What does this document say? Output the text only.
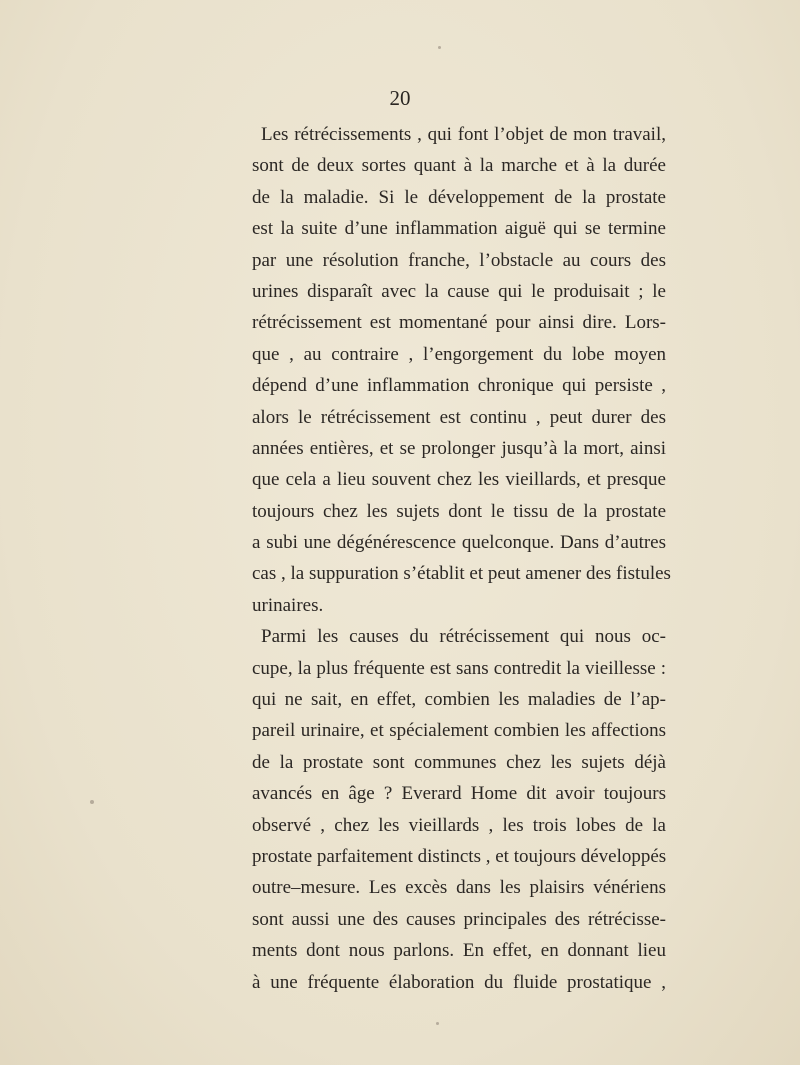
20
Les rétrécissements , qui font l’objet de mon travail,
sont de deux sortes quant à la marche et à la durée
de la maladie. Si le développement de la prostate
est la suite d’une inflammation aiguë qui se termine
par une résolution franche, l’obstacle au cours des
urines disparaît avec la cause qui le produisait ; le
rétrécissement est momentané pour ainsi dire. Lors-
que , au contraire , l’engorgement du lobe moyen
dépend d’une inflammation chronique qui persiste ,
alors le rétrécissement est continu , peut durer des
années entières, et se prolonger jusqu’à la mort, ainsi
que cela a lieu souvent chez les vieillards, et presque
toujours chez les sujets dont le tissu de la prostate
a subi une dégénérescence quelconque. Dans d’autres
cas , la suppuration s’établit et peut amener des fistules
urinaires.
Parmi les causes du rétrécissement qui nous oc-
cupe, la plus fréquente est sans contredit la vieillesse :
qui ne sait, en effet, combien les maladies de l’ap-
pareil urinaire, et spécialement combien les affections
de la prostate sont communes chez les sujets déjà
avancés en âge ? Everard Home dit avoir toujours
observé , chez les vieillards , les trois lobes de la
prostate parfaitement distincts , et toujours développés
outre–mesure. Les excès dans les plaisirs vénériens
sont aussi une des causes principales des rétrécisse-
ments dont nous parlons. En effet, en donnant lieu
à une fréquente élaboration du fluide prostatique ,
